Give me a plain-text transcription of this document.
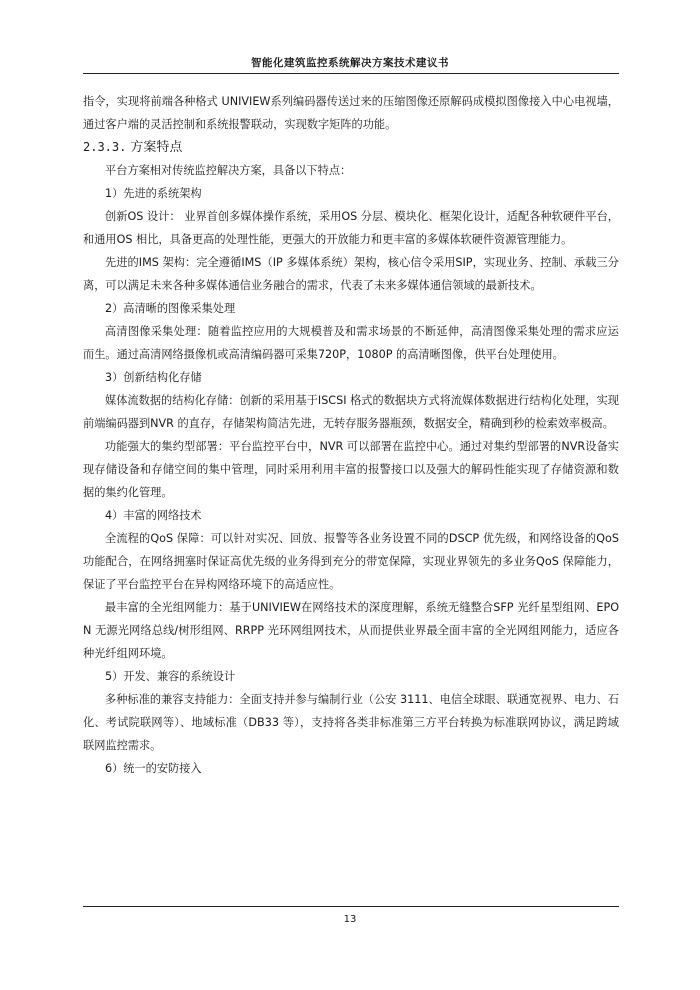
智能化建筑监控系统解决方案技术建议书

指令，实现将前端各种格式 UNIVIEW系列编码器传送过来的压缩图像还原解码成模拟图像接入中心电视墙，通过客户端的灵活控制和系统报警联动，实现数字矩阵的功能。

2.3.3. 方案特点

平台方案相对传统监控解决方案，具备以下特点：

1）先进的系统架构

创新OS 设计： 业界首创多媒体操作系统，采用OS 分层、模块化、框架化设计，适配各种软硬件平台，和通用OS 相比，具备更高的处理性能，更强大的开放能力和更丰富的多媒体软硬件资源管理能力。

先进的IMS 架构：完全遵循IMS（IP 多媒体系统）架构，核心信令采用SIP，实现业务、控制、承载三分离，可以满足未来各种多媒体通信业务融合的需求，代表了未来多媒体通信领域的最新技术。

2）高清晰的图像采集处理

高清图像采集处理：随着监控应用的大规模普及和需求场景的不断延伸，高清图像采集处理的需求应运而生。通过高清网络摄像机或高清编码器可采集720P，1080P 的高清晰图像，供平台处理使用。

3）创新结构化存储

媒体流数据的结构化存储：创新的采用基于ISCSI 格式的数据块方式将流媒体数据进行结构化处理，实现前端编码器到NVR 的直存，存储架构简洁先进，无转存服务器瓶颈，数据安全，精确到秒的检索效率极高。

功能强大的集约型部署：平台监控平台中，NVR 可以部署在监控中心。通过对集约型部署的NVR设备实现存储设备和存储空间的集中管理，同时采用利用丰富的报警接口以及强大的解码性能实现了存储资源和数据的集约化管理。

4）丰富的网络技术

全流程的QoS 保障：可以针对实况、回放、报警等各业务设置不同的DSCP 优先级，和网络设备的QoS 功能配合，在网络拥塞时保证高优先级的业务得到充分的带宽保障，实现业界领先的多业务QoS 保障能力，保证了平台监控平台在异构网络环境下的高适应性。

最丰富的全光组网能力：基于UNIVIEW在网络技术的深度理解，系统无缝整合SFP 光纤星型组网、EPON 无源光网络总线/树形组网、RRPP 光环网组网技术，从而提供业界最全面丰富的全光网组网能力，适应各种光纤组网环境。

5）开发、兼容的系统设计

多种标准的兼容支持能力：全面支持并参与编制行业（公安 3111、电信全球眼、联通宽视界、电力、石化、考试院联网等）、地域标准（DB33 等），支持将各类非标准第三方平台转换为标准联网协议，满足跨域联网监控需求。

6）统一的安防接入

13
